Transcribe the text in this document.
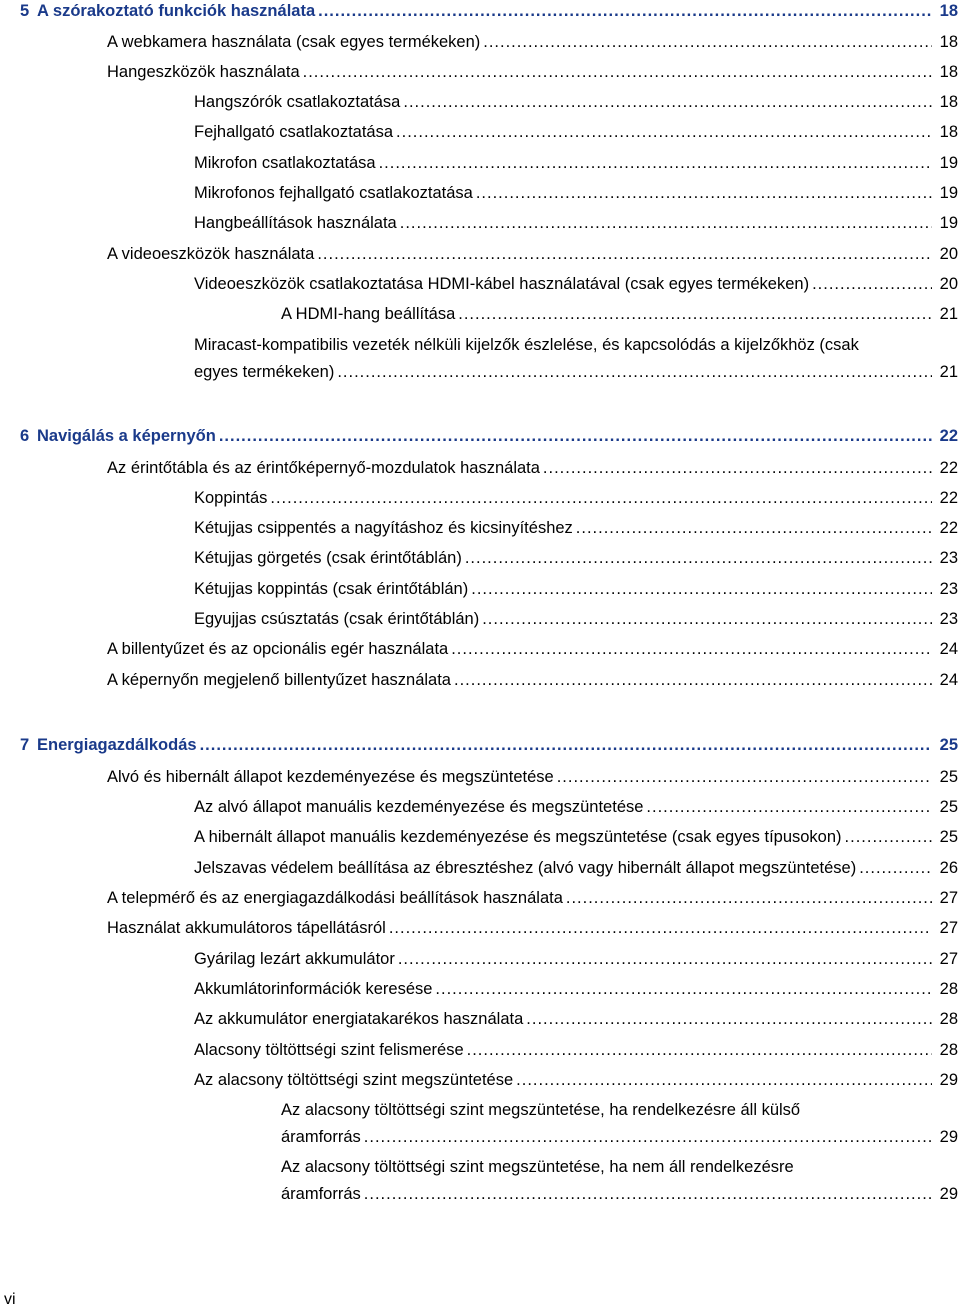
5 A szórakoztató funkciók használata .....	18
A webkamera használata (csak egyes termékeken) .....	18
Hangeszközök használata .....	18
Hangszórók csatlakoztatása .....	18
Fejhallgató csatlakoztatása .....	18
Mikrofon csatlakoztatása .....	19
Mikrofonos fejhallgató csatlakoztatása .....	19
Hangbeállítások használata .....	19
A videoeszközök használata .....	20
Videoeszközök csatlakoztatása HDMI-kábel használatával (csak egyes termékeken) .....	20
A HDMI-hang beállítása .....	21
Miracast-kompatibilis vezeték nélküli kijelzők észlelése, és kapcsolódás a kijelzőkhöz (csak
egyes termékeken) .....	21
6 Navigálás a képernyőn .....	22
Az érintőtábla és az érintőképernyő-mozdulatok használata .....	22
Koppintás .....	22
Kétujjas csippentés a nagyításhoz és kicsinyítéshez .....	22
Kétujjas görgetés (csak érintőtáblán) .....	23
Kétujjas koppintás (csak érintőtáblán) .....	23
Egyujjas csúsztatás (csak érintőtáblán) .....	23
A billentyűzet és az opcionális egér használata .....	24
A képernyőn megjelenő billentyűzet használata .....	24
7 Energiagazdálkodás .....	25
Alvó és hibernált állapot kezdeményezése és megszüntetése .....	25
Az alvó állapot manuális kezdeményezése és megszüntetése .....	25
A hibernált állapot manuális kezdeményezése és megszüntetése (csak egyes típusokon) .....	25
Jelszavas védelem beállítása az ébresztéshez (alvó vagy hibernált állapot megszüntetése) .....	26
A telepmérő és az energiagazdálkodási beállítások használata .....	27
Használat akkumulátoros tápellátásról .....	27
Gyárilag lezárt akkumulátor .....	27
Akkumlátorinformációk keresése .....	28
Az akkumulátor energiatakarékos használata .....	28
Alacsony töltöttségi szint felismerése .....	28
Az alacsony töltöttségi szint megszüntetése .....	29
Az alacsony töltöttségi szint megszüntetése, ha rendelkezésre áll külső
áramforrás .....	29
Az alacsony töltöttségi szint megszüntetése, ha nem áll rendelkezésre
áramforrás .....	29
vi
